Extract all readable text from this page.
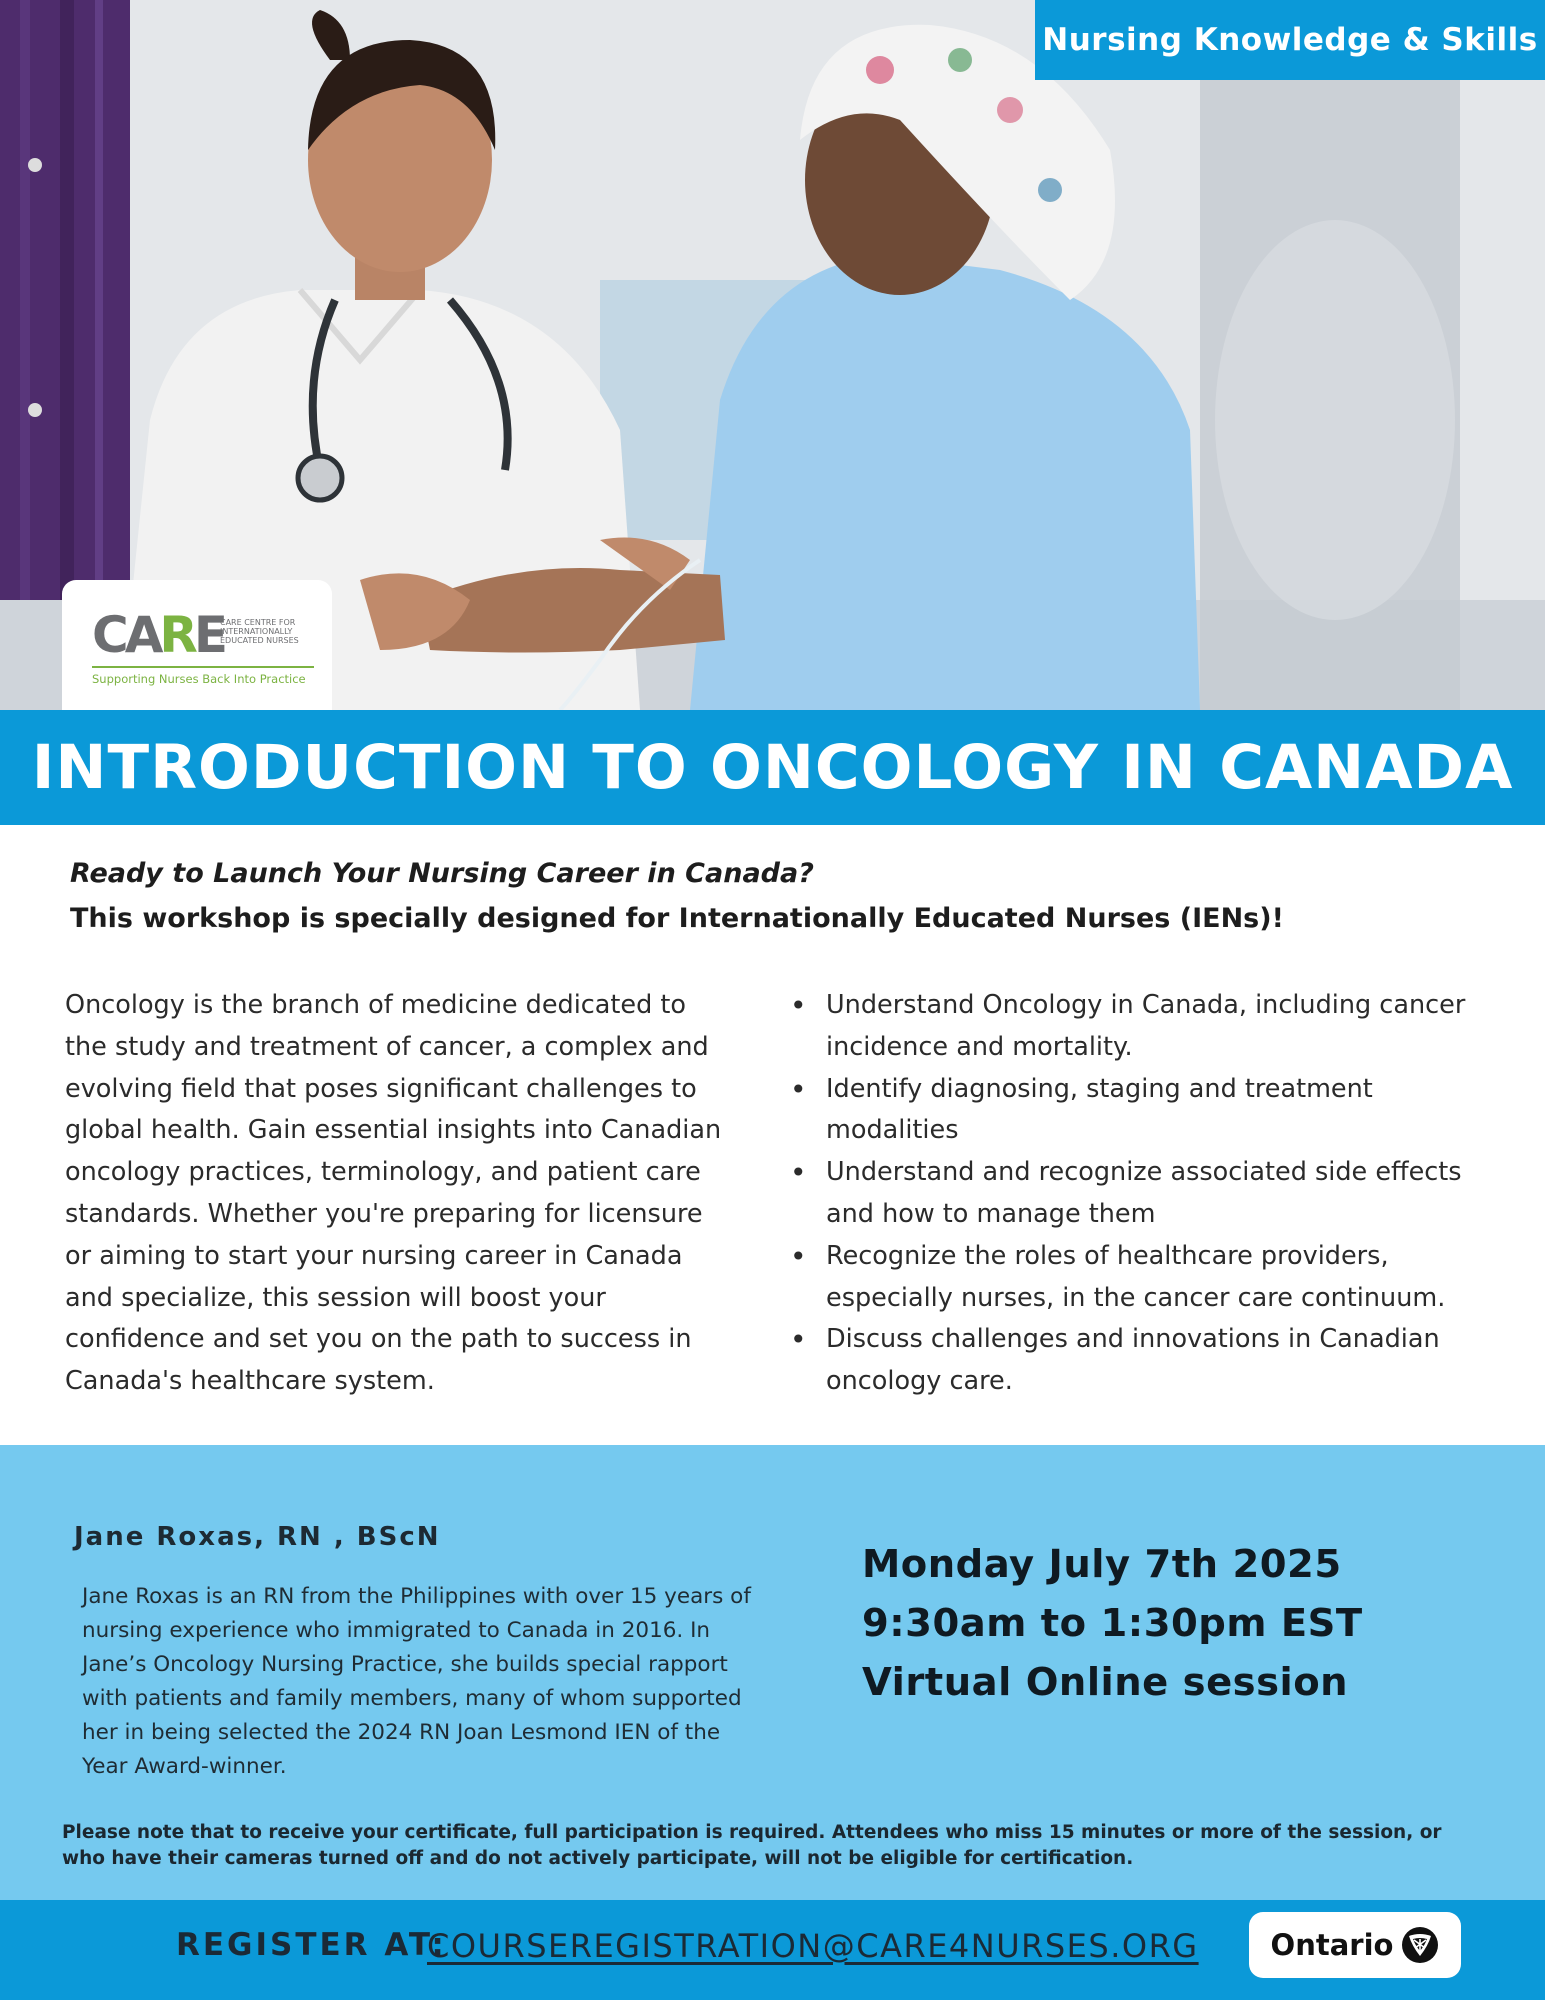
Nursing Knowledge & Skills
CARE
CARE CENTRE FOR INTERNATIONALLY EDUCATED NURSES
Supporting Nurses Back Into Practice
INTRODUCTION TO ONCOLOGY IN CANADA
Ready to Launch Your Nursing Career in Canada?
This workshop is specially designed for Internationally Educated Nurses (IENs)!
Oncology is the branch of medicine dedicated to the study and treatment of cancer, a complex and evolving field that poses significant challenges to global health. Gain essential insights into Canadian oncology practices, terminology, and patient care standards. Whether you're preparing for licensure or aiming to start your nursing career in Canada and specialize, this session will boost your confidence and set you on the path to success in Canada's healthcare system.
• Understand Oncology in Canada, including cancer incidence and mortality.
• Identify diagnosing, staging and treatment modalities
• Understand and recognize associated side effects and how to manage them
• Recognize the roles of healthcare providers, especially nurses, in the cancer care continuum.
• Discuss challenges and innovations in Canadian oncology care.
Jane Roxas, RN , BScN
Jane Roxas is an RN from the Philippines with over 15 years of nursing experience who immigrated to Canada in 2016. In Jane’s Oncology Nursing Practice, she builds special rapport with patients and family members, many of whom supported her in being selected the 2024 RN Joan Lesmond IEN of the Year Award-winner.
Monday July 7th 2025
9:30am to 1:30pm EST
Virtual Online session
Please note that to receive your certificate, full participation is required. Attendees who miss 15 minutes or more of the session, or who have their cameras turned off and do not actively participate, will not be eligible for certification.
REGISTER AT:
COURSEREGISTRATION@CARE4NURSES.ORG Ontario
